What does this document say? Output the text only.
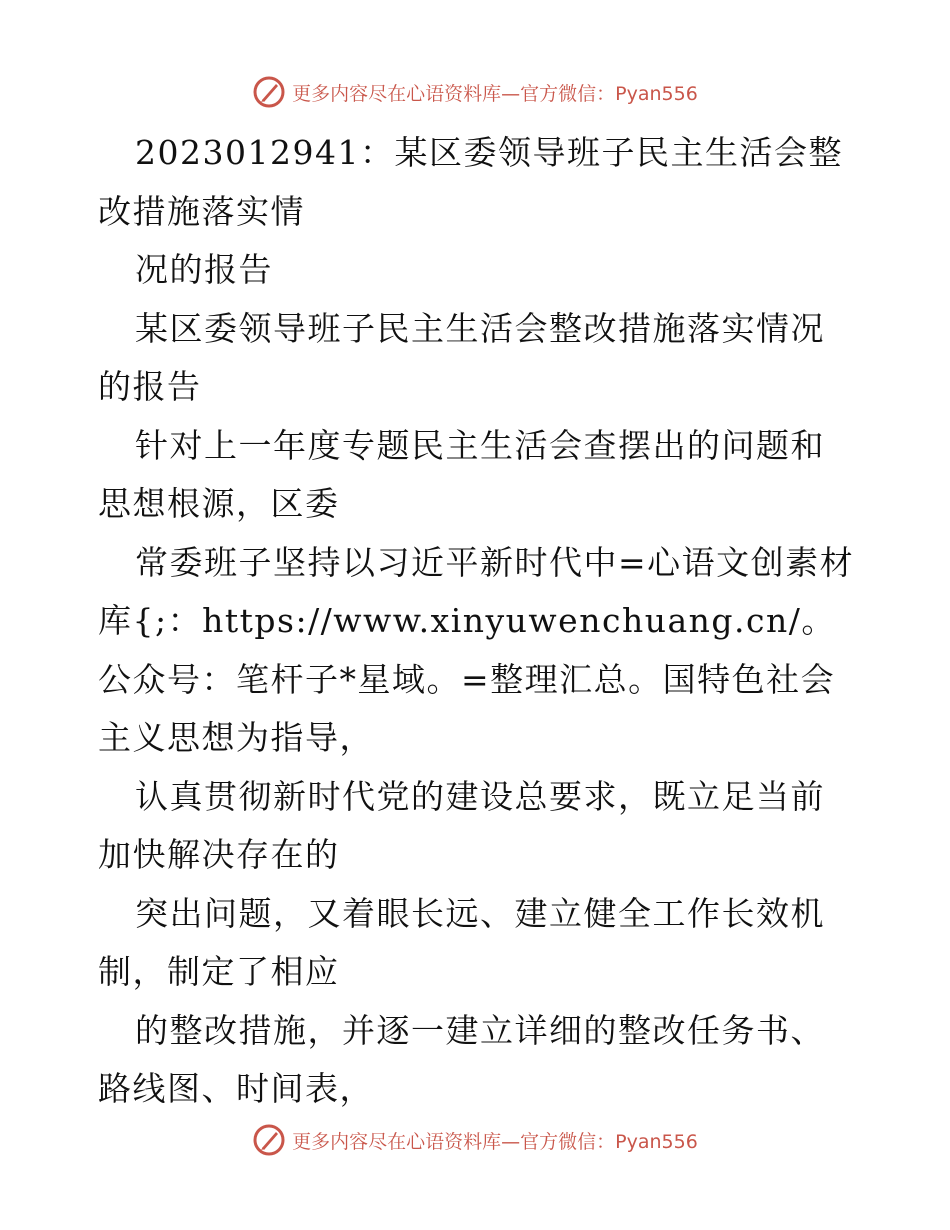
更多内容尽在心语资料库—官方微信：Pyan556

2023012941：某区委领导班子民主生活会整改措施落实情

况的报告

某区委领导班子民主生活会整改措施落实情况的报告

针对上一年度专题民主生活会查摆出的问题和思想根源，区委

常委班子坚持以习近平新时代中=心语文创素材库{;：https://www.xinyuwenchuang.cn/。公众号：笔杆子*星域。=整理汇总。国特色社会主义思想为指导，

认真贯彻新时代党的建设总要求，既立足当前加快解决存在的

突出问题，又着眼长远、建立健全工作长效机制，制定了相应

的整改措施，并逐一建立详细的整改任务书、路线图、时间表，

更多内容尽在心语资料库—官方微信：Pyan556
